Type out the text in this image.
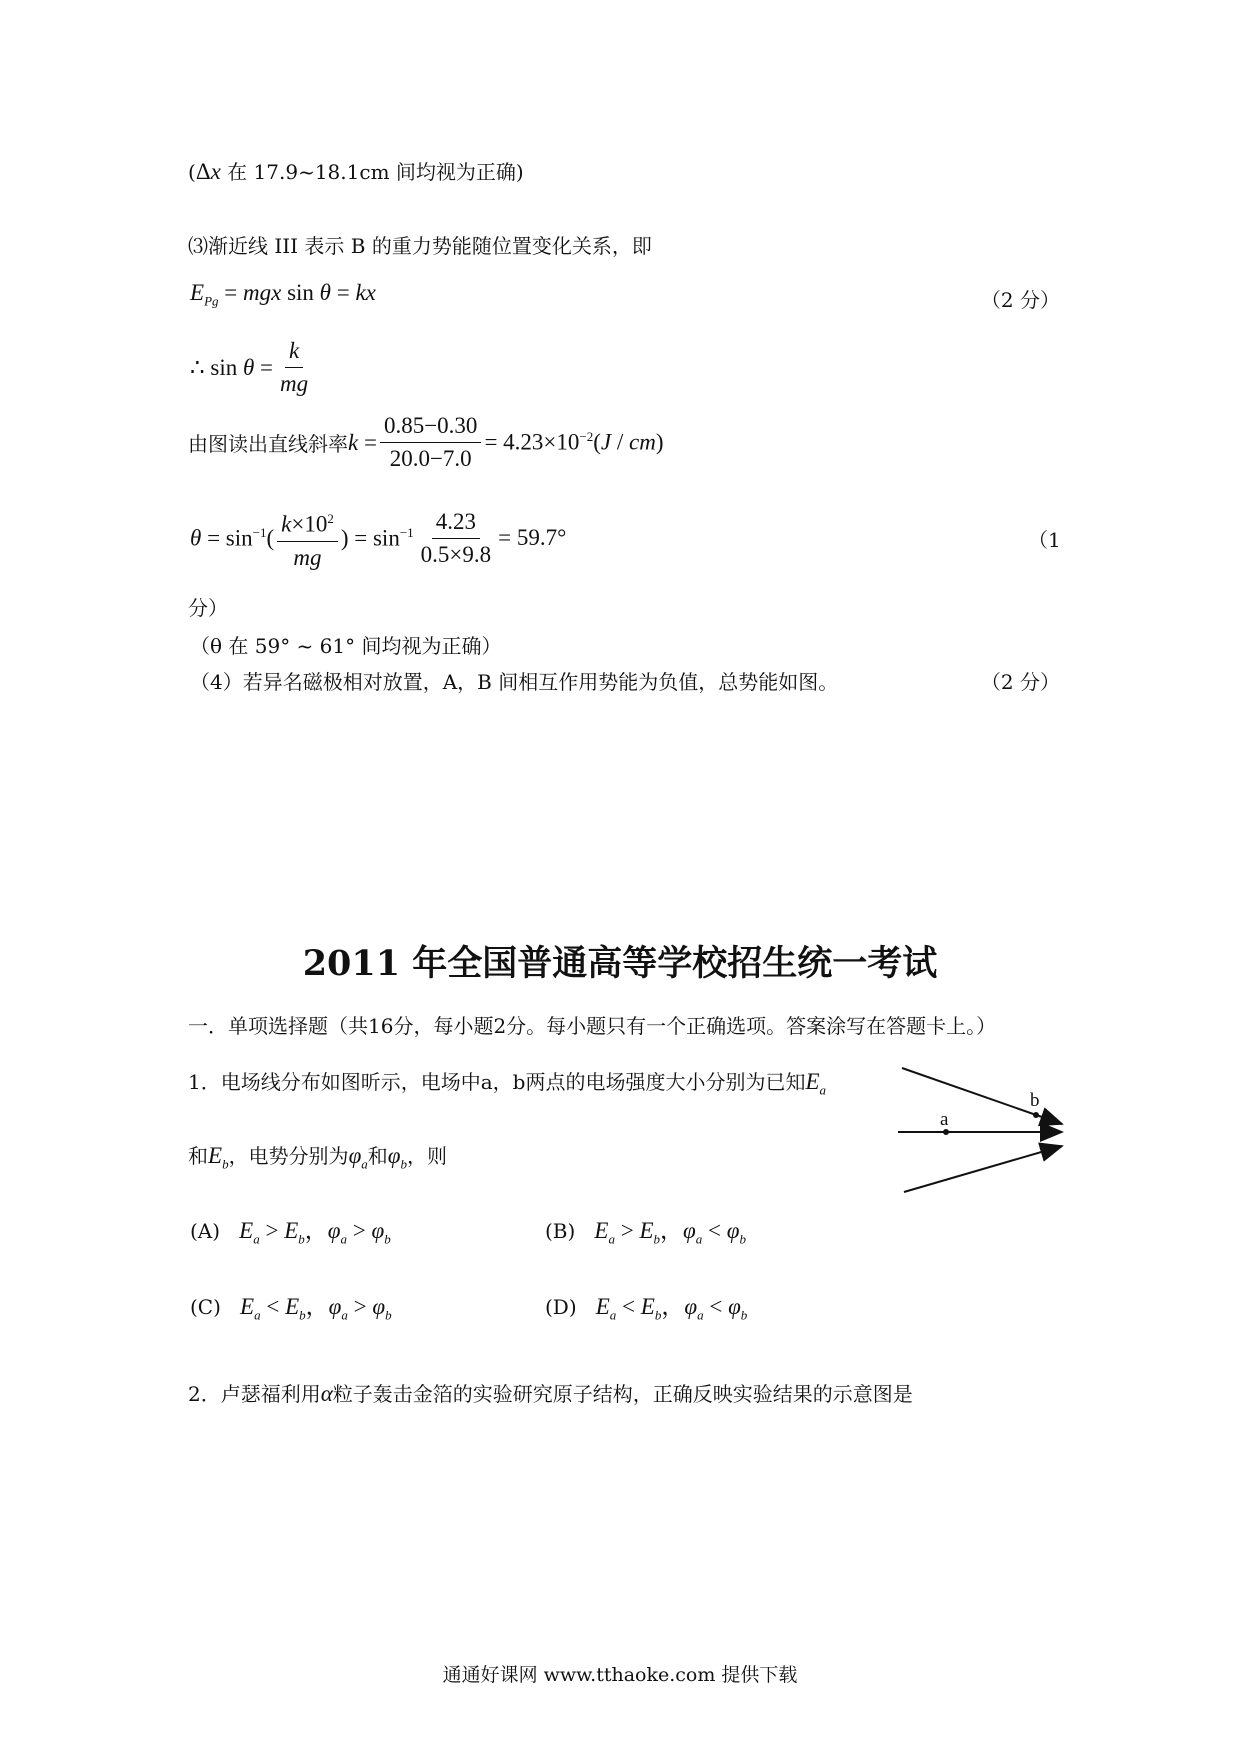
(Δx 在 17.9~18.1cm 间均视为正确)
⑶渐近线 III 表示 B 的重力势能随位置变化关系，即
$E_{Pg}$ = mgx sin θ = kx	（2 分）
∴ $\sin \theta = \frac{k}{mg}$
由图读出直线斜率$k = \frac{0.85-0.30}{20.0-7.0} = 4.23\times 10^{-2}(J / cm)$
$\theta = \sin^{-1}( \frac{k\times 10^2}{mg}$ ) = $\sin^{-1} \frac{4.23}{0.5\times 9.8} = 59.7^\circ$	（1
分）
（θ 在 59° ~ 61° 间均视为正确）
（4）若异名磁极相对放置，A，B 间相互作用势能为负值，总势能如图。	（2 分）
2011 年全国普通高等学校招生统一考试
一．单项选择题（共16分，每小题2分。每小题只有一个正确选项。答案涂写在答题卡上。）
1．电场线分布如图昕示，电场中a，b两点的电场强度大小分别为已知$E_a$
和$E_b$，电势分别为$\varphi_a$和$\varphi_b$，则
a
b
(A) $E_a > E_b$，$\varphi_a > \varphi_b$	(B) $E_a > E_b$，$\varphi_a < \varphi_b$
(C) $E_a < E_b$，$\varphi_a > \varphi_b$	(D) $E_a < E_b$，$\varphi_a < \varphi_b$
2．卢瑟福利用α粒子轰击金箔的实验研究原子结构，正确反映实验结果的示意图是
通通好课网 www.tthaoke.com 提供下载
